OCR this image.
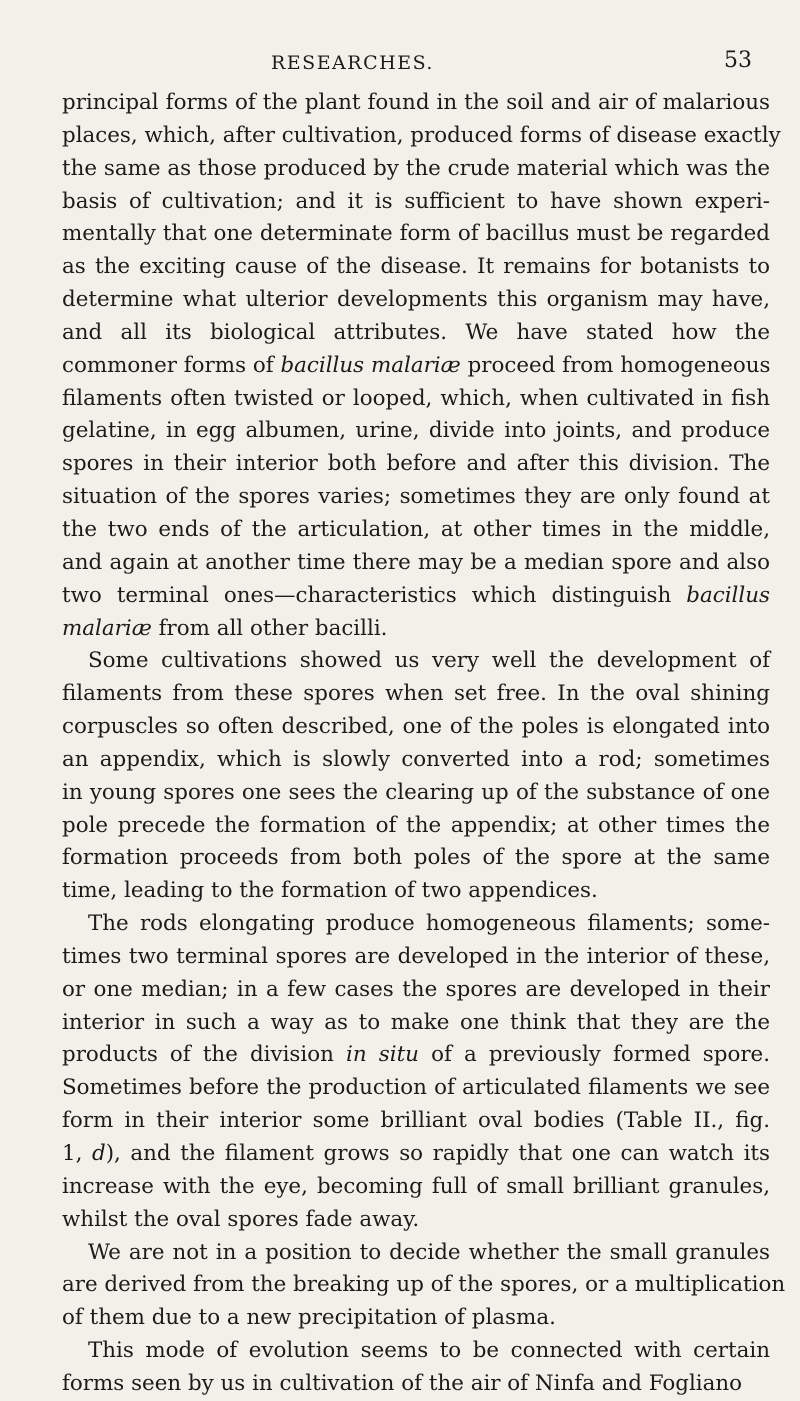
RESEARCHES.	53
principal forms of the plant found in the soil and air of malarious
places, which, after cultivation, produced forms of disease exactly
the same as those produced by the crude material which was the
basis of cultivation; and it is sufficient to have shown experi-
mentally that one determinate form of bacillus must be regarded
as the exciting cause of the disease. It remains for botanists to
determine what ulterior developments this organism may have,
and all its biological attributes. We have stated how the
commoner forms of bacillus malariæ proceed from homogeneous
filaments often twisted or looped, which, when cultivated in fish
gelatine, in egg albumen, urine, divide into joints, and produce
spores in their interior both before and after this division. The
situation of the spores varies; sometimes they are only found at
the two ends of the articulation, at other times in the middle,
and again at another time there may be a median spore and also
two terminal ones—characteristics which distinguish bacillus
malariæ from all other bacilli.
Some cultivations showed us very well the development of
filaments from these spores when set free. In the oval shining
corpuscles so often described, one of the poles is elongated into
an appendix, which is slowly converted into a rod; sometimes
in young spores one sees the clearing up of the substance of one
pole precede the formation of the appendix; at other times the
formation proceeds from both poles of the spore at the same
time, leading to the formation of two appendices.
The rods elongating produce homogeneous filaments; some-
times two terminal spores are developed in the interior of these,
or one median; in a few cases the spores are developed in their
interior in such a way as to make one think that they are the
products of the division in situ of a previously formed spore.
Sometimes before the production of articulated filaments we see
form in their interior some brilliant oval bodies (Table II., fig.
1, d), and the filament grows so rapidly that one can watch its
increase with the eye, becoming full of small brilliant granules,
whilst the oval spores fade away.
We are not in a position to decide whether the small granules
are derived from the breaking up of the spores, or a multiplication
of them due to a new precipitation of plasma.
This mode of evolution seems to be connected with certain
forms seen by us in cultivation of the air of Ninfa and Fogliano
